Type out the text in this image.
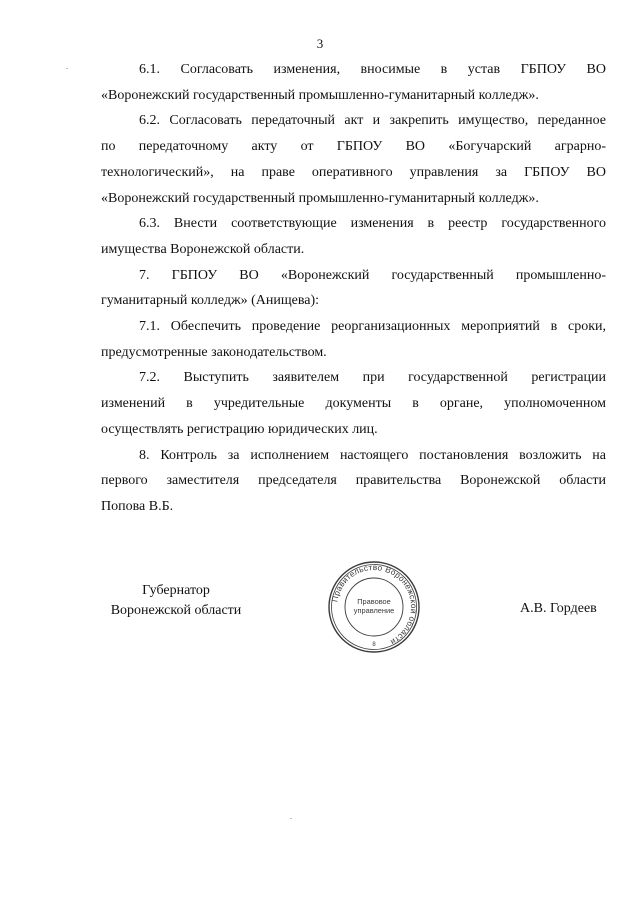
3

6.1. Согласовать изменения, вносимые в устав ГБПОУ ВО
«Воронежский государственный промышленно-гуманитарный колледж».

6.2. Согласовать передаточный акт и закрепить имущество, переданное
по передаточному акту от ГБПОУ ВО «Богучарский аграрно-
технологический», на праве оперативного управления за ГБПОУ ВО
«Воронежский государственный промышленно-гуманитарный колледж».

6.3. Внести соответствующие изменения в реестр государственного
имущества Воронежской области.

7. ГБПОУ ВО «Воронежский государственный промышленно-
гуманитарный колледж» (Анищева):

7.1. Обеспечить проведение реорганизационных мероприятий в сроки,
предусмотренные законодательством.

7.2. Выступить заявителем при государственной регистрации
изменений в учредительные документы в органе, уполномоченном
осуществлять регистрацию юридических лиц.

8. Контроль за исполнением настоящего постановления возложить на
первого заместителя председателя правительства Воронежской области
Попова В.Б.

Губернатор
Воронежской области
Правительство Воронежской области
Правовое
управление
8
А.В. Гордеев
